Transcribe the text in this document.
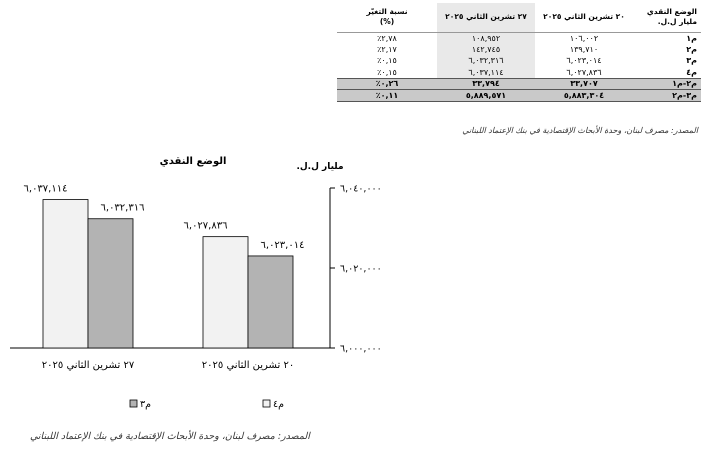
الوضع النقدي
مليار ل.ل.	٢٠ تشرين الثاني ٢٠٢٥	٢٧ تشرين الثاني ٢٠٢٥	نسبة التغيّر
(%)
م١	١٠٦,٠٠٢	١٠٨,٩٥٢	٢,٧٨٪
م٢	١٣٩,٧١٠	١٤٢,٧٤٥	٢,١٧٪
م٣	٦,٠٢٣,٠١٤	٦,٠٣٢,٣١٦	٠,١٥٪
م٤	٦,٠٢٧,٨٣٦	٦,٠٣٧,١١٤	٠,١٥٪
م٢-م١	٣٣,٧٠٧	٣٣,٧٩٤	٠,٢٦٪
م٣-م٢	٥,٨٨٣,٣٠٤	٥,٨٨٩,٥٧١	٠,١١٪
المصدر: مصرف لبنان، وحدة الأبحاث الإقتصادية في بنك الإعتماد اللبناني
الوضع النقدي	مليار ل.ل.
٦,٠٠٠,٠٠٠
٦,٠٢٠,٠٠٠
٦,٠٤٠,٠٠٠
٦,٠٢٧,٨٣٦
٦,٠٢٣,٠١٤
٢٠ تشرين الثاني ٢٠٢٥
٦,٠٣٧,١١٤
٦,٠٣٢,٣١٦
٢٧ تشرين الثاني ٢٠٢٥
م٤
م٣
المصدر: مصرف لبنان، وحدة الأبحاث الإقتصادية في بنك الإعتماد اللبناني
